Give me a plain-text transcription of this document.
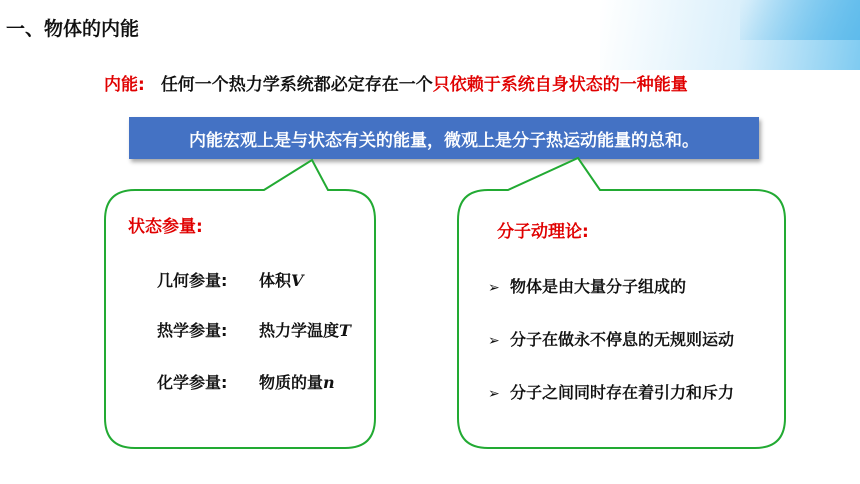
一、物体的内能
内能: 任何一个热力学系统都必定存在一个只依赖于系统自身状态的一种能量
内能宏观上是与状态有关的能量，微观上是分子热运动能量的总和。
状态参量:
几何参量: 体积V
热学参量: 热力学温度T
化学参量: 物质的量n
分子动理论:
➢ 物体是由大量分子组成的
➢ 分子在做永不停息的无规则运动
➢ 分子之间同时存在着引力和斥力
